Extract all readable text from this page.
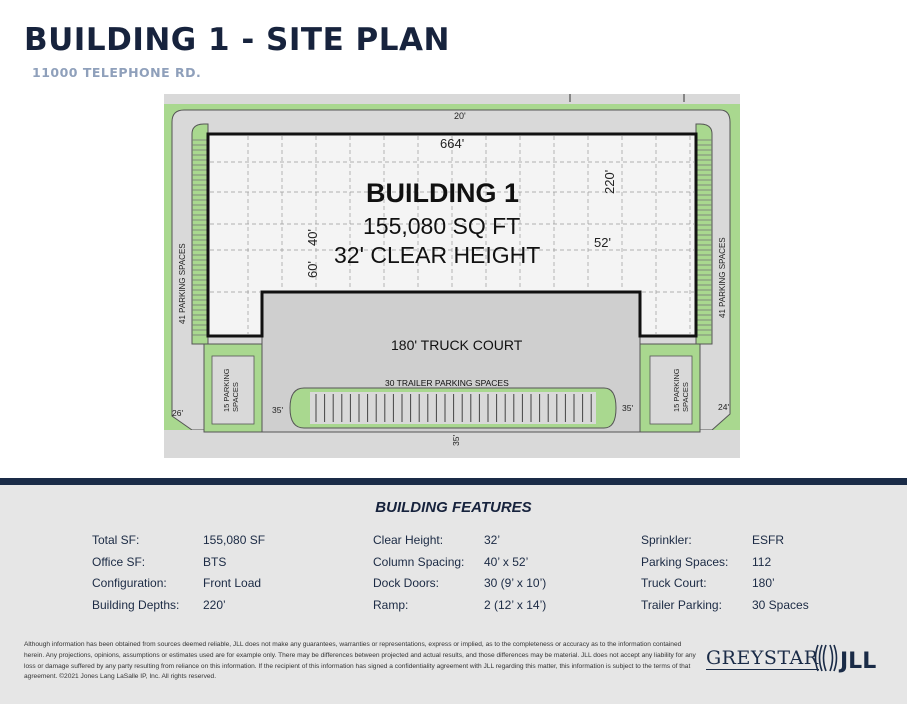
BUILDING 1 - SITE PLAN
11000 TELEPHONE RD.
20'
664'
BUILDING 1
155,080 SQ FT
32' CLEAR HEIGHT
220'
40'
60'
52'
180' TRUCK COURT
30 TRAILER PARKING SPACES
41 PARKING SPACES	41 PARKING SPACES
15 PARKING SPACES	15 PARKING SPACES
26'	35'	35'	24'
35'
BUILDING FEATURES
Total SF:	155,080 SF
Office SF:	BTS
Configuration:	Front Load
Building Depths:	220’
Clear Height:	32’
Column Spacing:	40’ x 52’
Dock Doors:	30 (9’ x 10’)
Ramp:	2 (12’ x 14’)
Sprinkler:	ESFR
Parking Spaces:	112
Truck Court:	180’
Trailer Parking:	30 Spaces
Although information has been obtained from sources deemed reliable, JLL does not make any guarantees, warranties or representations, express or implied, as to the completeness or accuracy as to the information contained herein. Any projections, opinions, assumptions or estimates used are for example only. There may be differences between projected and actual results, and those differences may be material. JLL does not accept any liability for any loss or damage suffered by any party resulting from reliance on this information. If the recipient of this information has signed a confidentiality agreement with JLL regarding this matter, this information is subject to the terms of that agreement. ©2021 Jones Lang LaSalle IP, Inc. All rights reserved.
GREYSTAR JLL
